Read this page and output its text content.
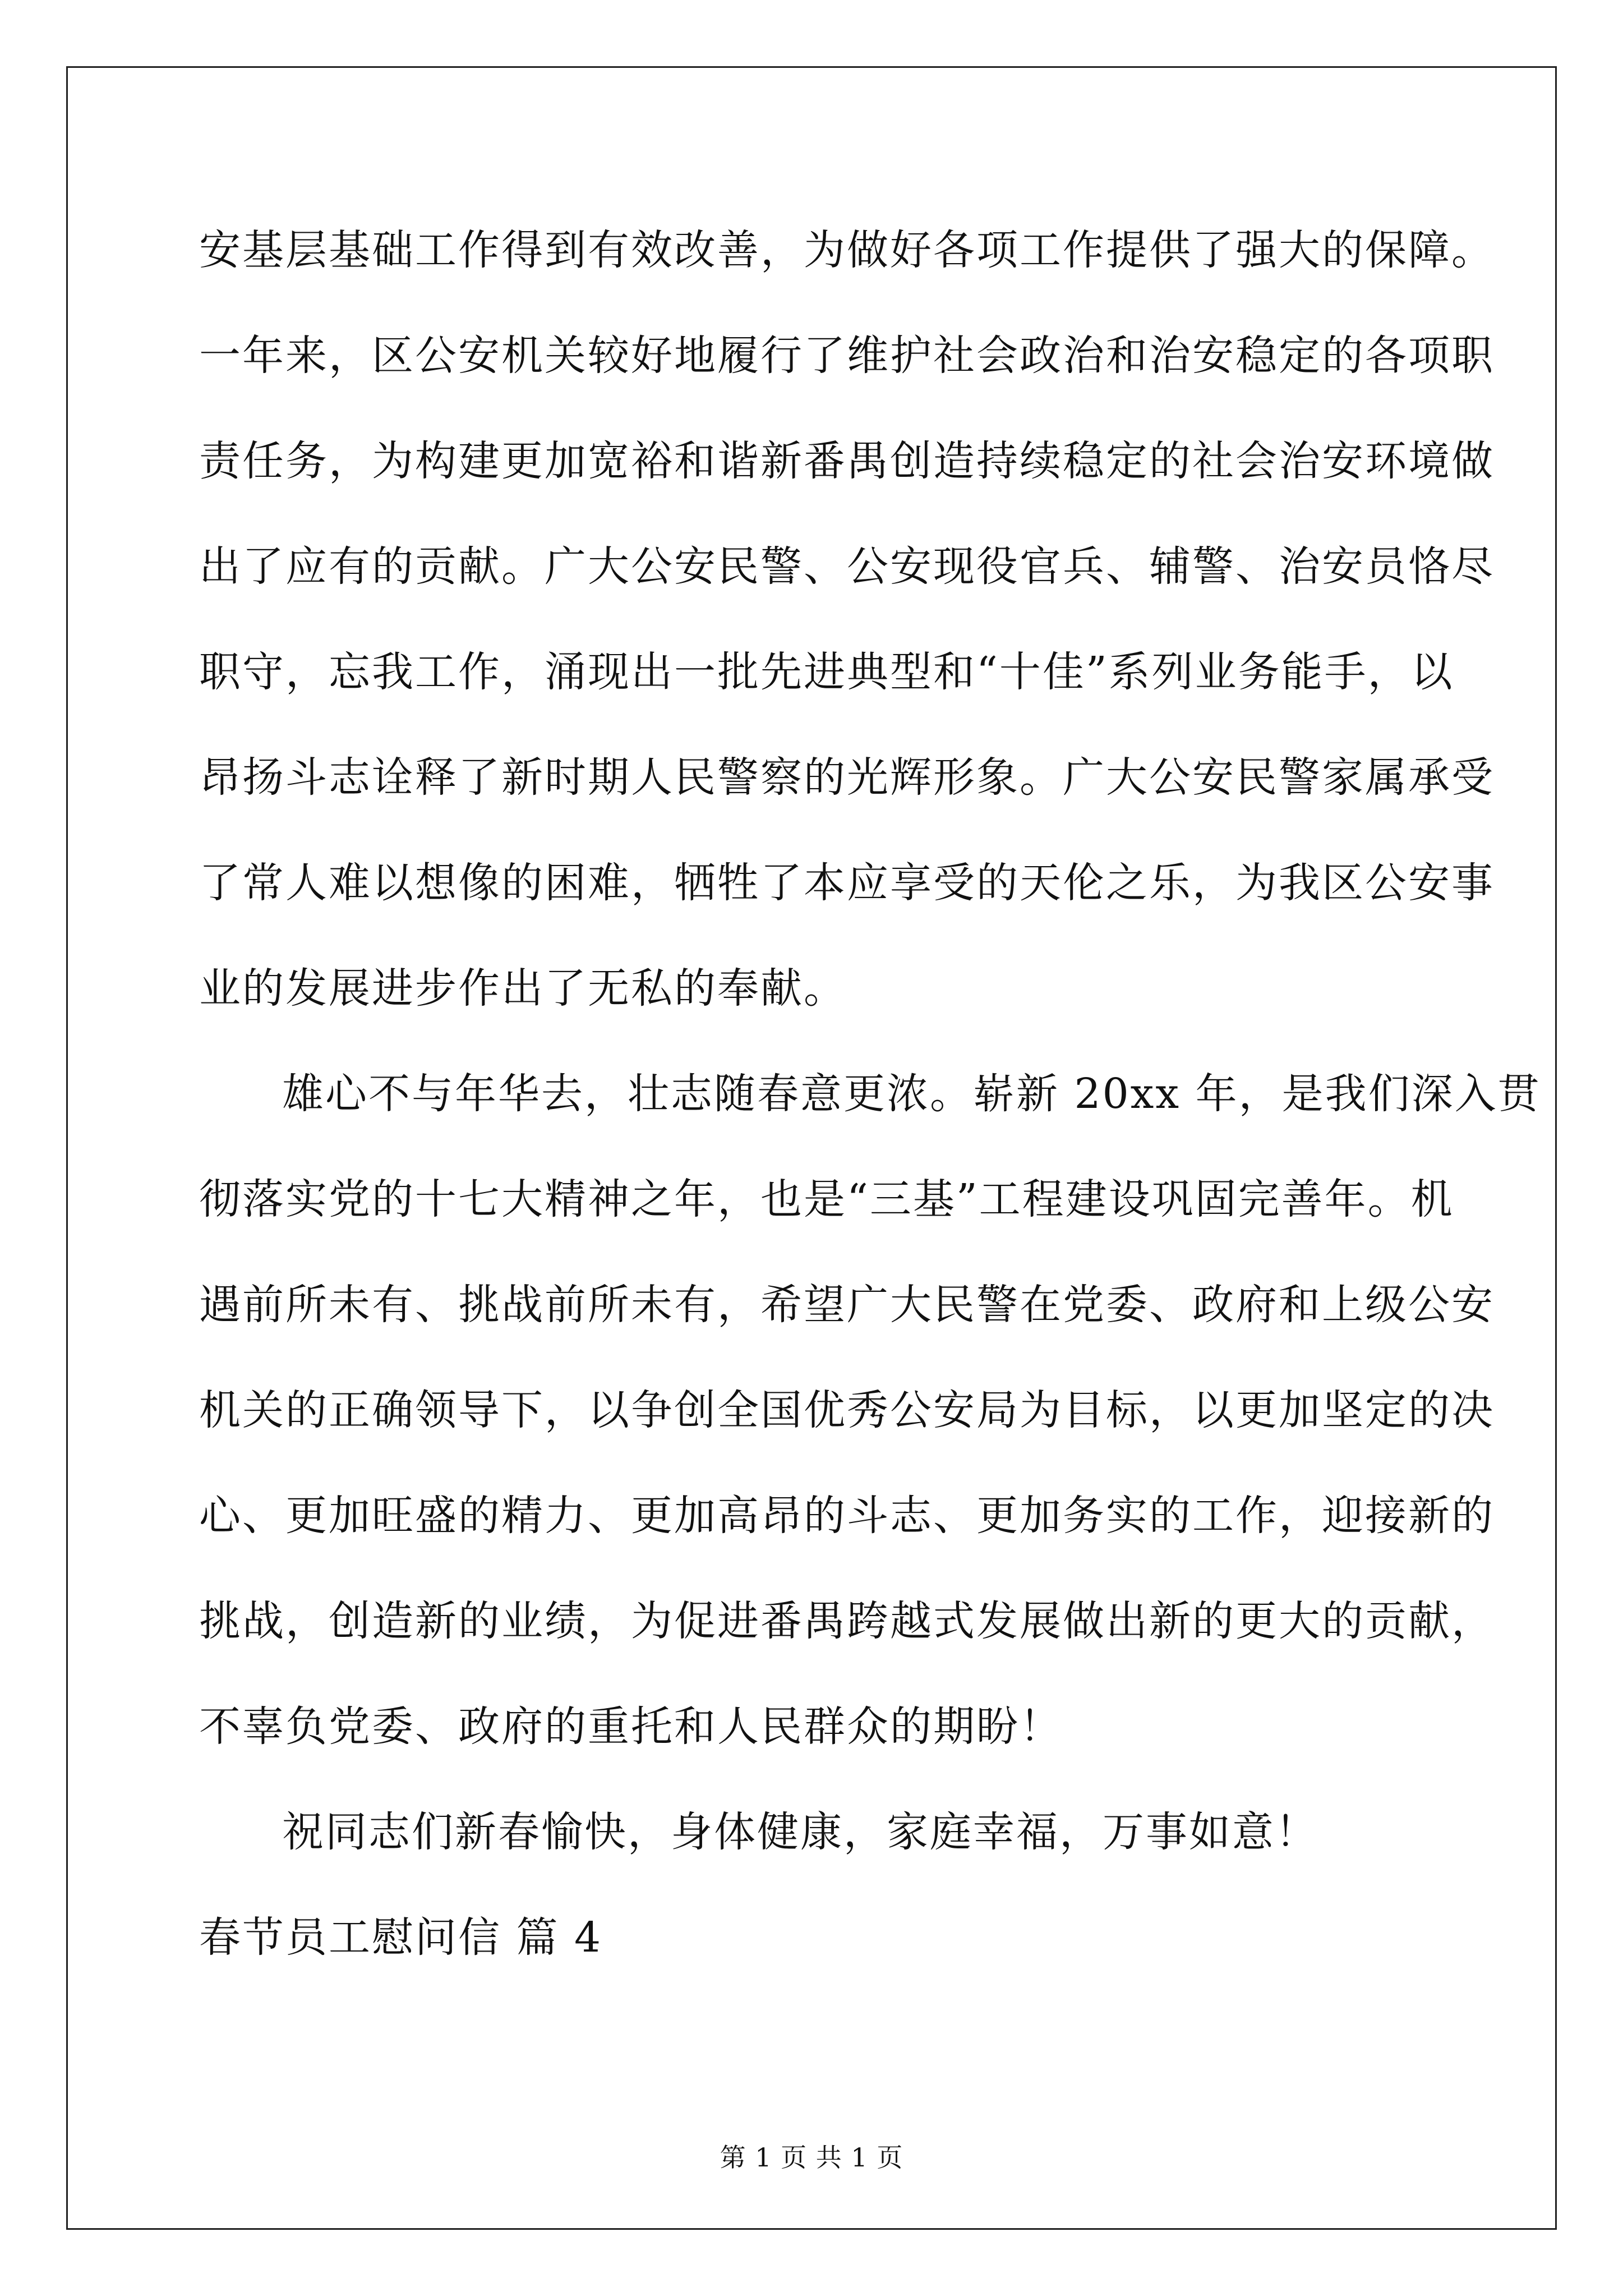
安基层基础工作得到有效改善，为做好各项工作提供了强大的保障。
一年来，区公安机关较好地履行了维护社会政治和治安稳定的各项职
责任务，为构建更加宽裕和谐新番禺创造持续稳定的社会治安环境做
出了应有的贡献。广大公安民警、公安现役官兵、辅警、治安员恪尽
职守，忘我工作，涌现出一批先进典型和“十佳”系列业务能手，以
昂扬斗志诠释了新时期人民警察的光辉形象。广大公安民警家属承受
了常人难以想像的困难，牺牲了本应享受的天伦之乐，为我区公安事
业的发展进步作出了无私的奉献。
雄心不与年华去，壮志随春意更浓。崭新 20xx 年，是我们深入贯
彻落实党的十七大精神之年，也是“三基”工程建设巩固完善年。机
遇前所未有、挑战前所未有，希望广大民警在党委、政府和上级公安
机关的正确领导下，以争创全国优秀公安局为目标，以更加坚定的决
心、更加旺盛的精力、更加高昂的斗志、更加务实的工作，迎接新的
挑战，创造新的业绩，为促进番禺跨越式发展做出新的更大的贡献，
不辜负党委、政府的重托和人民群众的期盼！
祝同志们新春愉快，身体健康，家庭幸福，万事如意！
春节员工慰问信 篇 4
第 1 页 共 1 页
